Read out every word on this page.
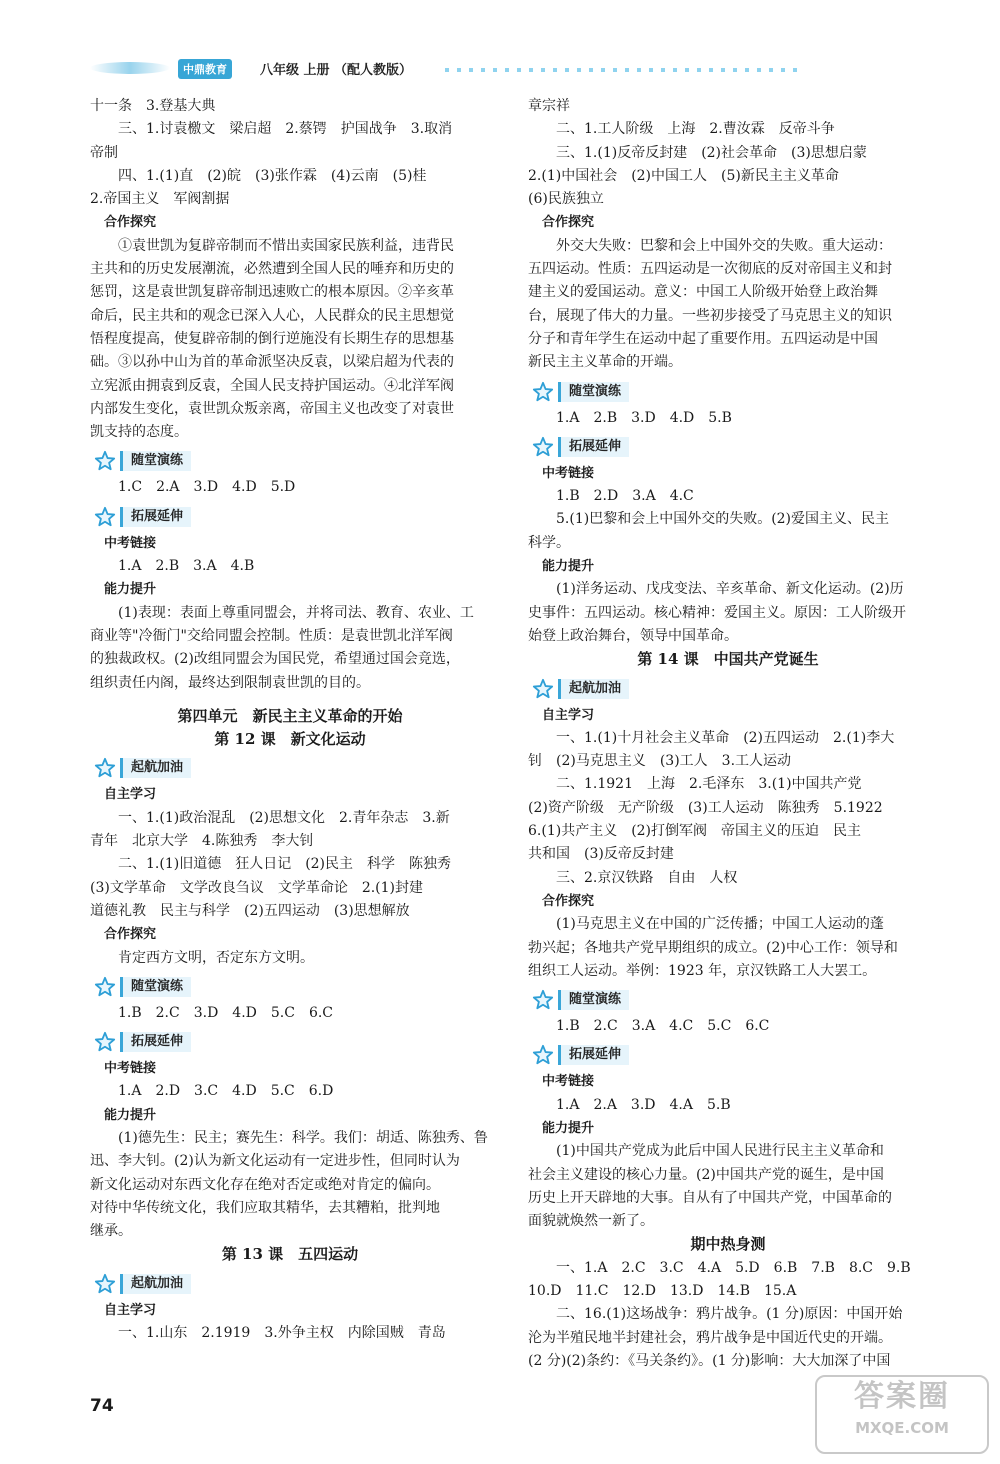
中鼎教育	八年级 上册 （配人教版）
十一条　3.登基大典
三、1.讨袁檄文　梁启超　2.蔡锷　护国战争　3.取消
帝制
四、1.(1)直　(2)皖　(3)张作霖　(4)云南　(5)桂
2.帝国主义　军阀割据
合作探究
①袁世凯为复辟帝制而不惜出卖国家民族利益，违背民
主共和的历史发展潮流，必然遭到全国人民的唾弃和历史的
惩罚，这是袁世凯复辟帝制迅速败亡的根本原因。②辛亥革
命后，民主共和的观念已深入人心，人民群众的民主思想觉
悟程度提高，使复辟帝制的倒行逆施没有长期生存的思想基
础。③以孙中山为首的革命派坚决反袁，以梁启超为代表的
立宪派由拥袁到反袁，全国人民支持护国运动。④北洋军阀
内部发生变化，袁世凯众叛亲离，帝国主义也改变了对袁世
凯支持的态度。
随堂演练
1.C　2.A　3.D　4.D　5.D
拓展延伸
中考链接
1.A　2.B　3.A　4.B
能力提升
(1)表现：表面上尊重同盟会，并将司法、教育、农业、工
商业等"冷衙门"交给同盟会控制。性质：是袁世凯北洋军阀
的独裁政权。(2)改组同盟会为国民党，希望通过国会竞选，
组织责任内阁，最终达到限制袁世凯的目的。
第四单元　新民主主义革命的开始
第 12 课　新文化运动
起航加油
自主学习
一、1.(1)政治混乱　(2)思想文化　2.青年杂志　3.新
青年　北京大学　4.陈独秀　李大钊
二、1.(1)旧道德　狂人日记　(2)民主　科学　陈独秀
(3)文学革命　文学改良刍议　文学革命论　2.(1)封建
道德礼教　民主与科学　(2)五四运动　(3)思想解放
合作探究
肯定西方文明，否定东方文明。
随堂演练
1.B　2.C　3.D　4.D　5.C　6.C
拓展延伸
中考链接
1.A　2.D　3.C　4.D　5.C　6.D
能力提升
(1)德先生：民主；赛先生：科学。我们：胡适、陈独秀、鲁
迅、李大钊。(2)认为新文化运动有一定进步性，但同时认为
新文化运动对东西文化存在绝对否定或绝对肯定的偏向。
对待中华传统文化，我们应取其精华，去其糟粕，批判地
继承。
第 13 课　五四运动
起航加油
自主学习
一、1.山东　2.1919　3.外争主权　内除国贼　青岛
章宗祥
二、1.工人阶级　上海　2.曹汝霖　反帝斗争
三、1.(1)反帝反封建　(2)社会革命　(3)思想启蒙
2.(1)中国社会　(2)中国工人　(5)新民主主义革命
(6)民族独立
合作探究
外交大失败：巴黎和会上中国外交的失败。重大运动：
五四运动。性质：五四运动是一次彻底的反对帝国主义和封
建主义的爱国运动。意义：中国工人阶级开始登上政治舞
台，展现了伟大的力量。一些初步接受了马克思主义的知识
分子和青年学生在运动中起了重要作用。五四运动是中国
新民主主义革命的开端。
随堂演练
1.A　2.B　3.D　4.D　5.B
拓展延伸
中考链接
1.B　2.D　3.A　4.C
5.(1)巴黎和会上中国外交的失败。(2)爱国主义、民主
科学。
能力提升
(1)洋务运动、戊戌变法、辛亥革命、新文化运动。(2)历
史事件：五四运动。核心精神：爱国主义。原因：工人阶级开
始登上政治舞台，领导中国革命。
第 14 课　中国共产党诞生
起航加油
自主学习
一、1.(1)十月社会主义革命　(2)五四运动　2.(1)李大
钊　(2)马克思主义　(3)工人　3.工人运动
二、1.1921　上海　2.毛泽东　3.(1)中国共产党
(2)资产阶级　无产阶级　(3)工人运动　陈独秀　5.1922
6.(1)共产主义　(2)打倒军阀　帝国主义的压迫　民主
共和国　(3)反帝反封建
三、2.京汉铁路　自由　人权
合作探究
(1)马克思主义在中国的广泛传播；中国工人运动的蓬
勃兴起；各地共产党早期组织的成立。(2)中心工作：领导和
组织工人运动。举例：1923 年，京汉铁路工人大罢工。
随堂演练
1.B　2.C　3.A　4.C　5.C　6.C
拓展延伸
中考链接
1.A　2.A　3.D　4.A　5.B
能力提升
(1)中国共产党成为此后中国人民进行民主主义革命和
社会主义建设的核心力量。(2)中国共产党的诞生，是中国
历史上开天辟地的大事。自从有了中国共产党，中国革命的
面貌就焕然一新了。
期中热身测
一、1.A　2.C　3.C　4.A　5.D　6.B　7.B　8.C　9.B
10.D　11.C　12.D　13.D　14.B　15.A
二、16.(1)这场战争：鸦片战争。(1 分)原因：中国开始
沦为半殖民地半封建社会，鸦片战争是中国近代史的开端。
(2 分)(2)条约：《马关条约》。(1 分)影响：大大加深了中国
74	答案圈
MXQE.COM
